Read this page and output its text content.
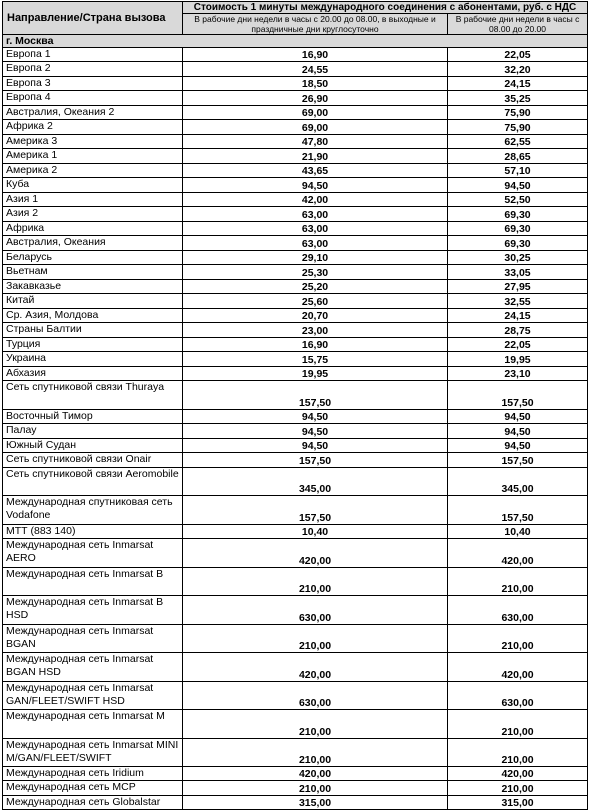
Направление/Страна вызова	Стоимость 1 минуты международного соединения с абонентами, руб. с НДС	
	В рабочие дни недели в часы с 20.00 до 08.00, в выходные и праздничные дни круглосуточно	В рабочие дни недели в часы с 08.00 до 20.00
г. Москва		
Европа 1	16,90	22,05
Европа 2	24,55	32,20
Европа 3	18,50	24,15
Европа 4	26,90	35,25
Австралия, Океания 2	69,00	75,90
Африка 2	69,00	75,90
Америка 3	47,80	62,55
Америка 1	21,90	28,65
Америка 2	43,65	57,10
Куба	94,50	94,50
Азия 1	42,00	52,50
Азия 2	63,00	69,30
Африка	63,00	69,30
Австралия, Океания	63,00	69,30
Беларусь	29,10	30,25
Вьетнам	25,30	33,05
Закавказье	25,20	27,95
Китай	25,60	32,55
Ср. Азия, Молдова	20,70	24,15
Страны Балтии	23,00	28,75
Турция	16,90	22,05
Украина	15,75	19,95
Абхазия	19,95	23,10
Сеть спутниковой связи Thuraya	157,50	157,50
Восточный Тимор	94,50	94,50
Палау	94,50	94,50
Южный Судан	94,50	94,50
Сеть спутниковой связи Onair	157,50	157,50
Сеть спутниковой связи Aeromobile	345,00	345,00
Международная спутниковая сеть Vodafone	157,50	157,50
МТТ (883 140)	10,40	10,40
Международная сеть Inmarsat AERO	420,00	420,00
Международная сеть Inmarsat B	210,00	210,00
Международная сеть Inmarsat B HSD	630,00	630,00
Международная сеть Inmarsat BGAN	210,00	210,00
Международная сеть Inmarsat BGAN HSD	420,00	420,00
Международная сеть Inmarsat GAN/FLEET/SWIFT HSD	630,00	630,00
Международная сеть Inmarsat M	210,00	210,00
Международная сеть Inmarsat MINI M/GAN/FLEET/SWIFT	210,00	210,00
Международная сеть Iridium	420,00	420,00
Международная сеть МСР	210,00	210,00
Международная сеть Globalstar	315,00	315,00
